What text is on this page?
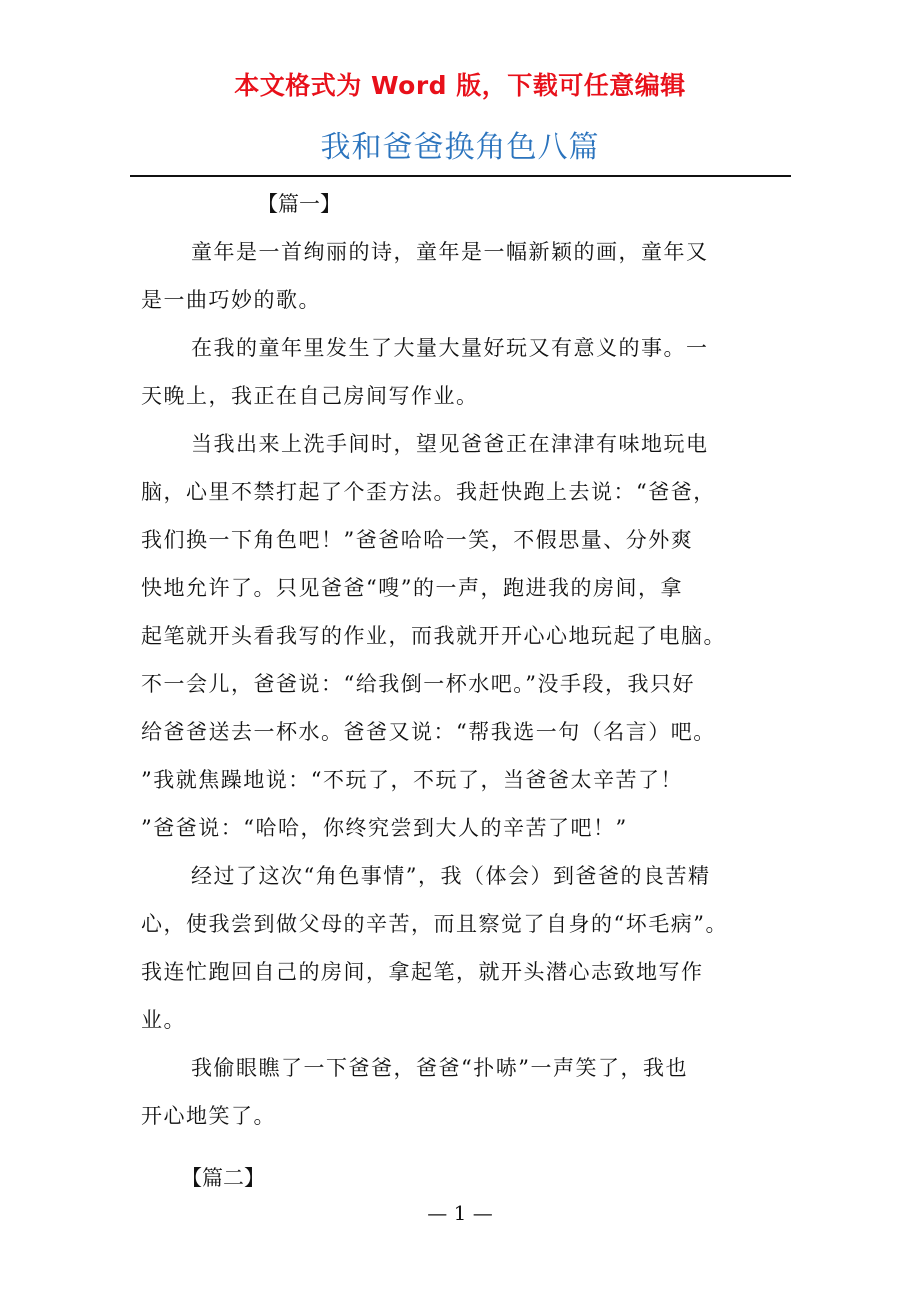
本文格式为 Word 版，下载可任意编辑
我和爸爸换角色八篇
【篇一】

童年是一首绚丽的诗，童年是一幅新颖的画，童年又
是一曲巧妙的歌。

在我的童年里发生了大量大量好玩又有意义的事。一
天晚上，我正在自己房间写作业。

当我出来上洗手间时，望见爸爸正在津津有味地玩电
脑，心里不禁打起了个歪方法。我赶快跑上去说：“爸爸，
我们换一下角色吧！”爸爸哈哈一笑，不假思量、分外爽
快地允许了。只见爸爸“嗖”的一声，跑进我的房间，拿
起笔就开头看我写的作业，而我就开开心心地玩起了电脑。
不一会儿，爸爸说：“给我倒一杯水吧。”没手段，我只好
给爸爸送去一杯水。爸爸又说：“帮我选一句（名言）吧。
”我就焦躁地说：“不玩了，不玩了，当爸爸太辛苦了！
”爸爸说：“哈哈，你终究尝到大人的辛苦了吧！”

经过了这次“角色事情”，我（体会）到爸爸的良苦精
心，使我尝到做父母的辛苦，而且察觉了自身的“坏毛病”。
我连忙跑回自己的房间，拿起笔，就开头潜心志致地写作
业。

我偷眼瞧了一下爸爸，爸爸“扑哧”一声笑了，我也
开心地笑了。

【篇二】
— 1 —
